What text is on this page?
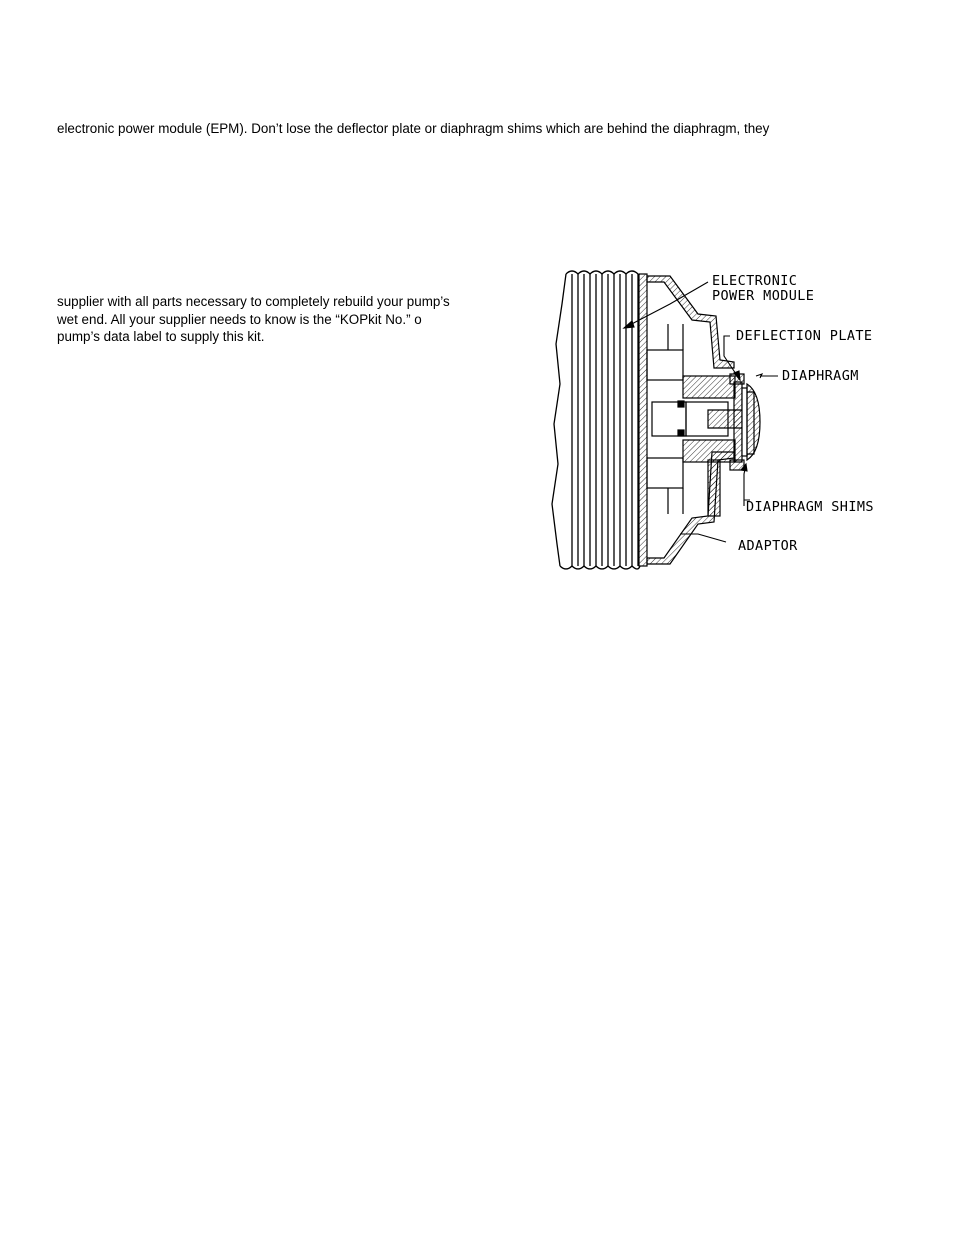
electronic power module (EPM). Don’t lose the deflector plate or diaphragm shims which are behind the diaphragm, they
supplier with all parts necessary to completely rebuild your pump’s
wet end. All your supplier needs to know is the “KOPkit No.” o
pump’s data label to supply this kit.
ELECTRONIC
POWER MODULE
DEFLECTION PLATE
DIAPHRAGM
DIAPHRAGM SHIMS
ADAPTOR
